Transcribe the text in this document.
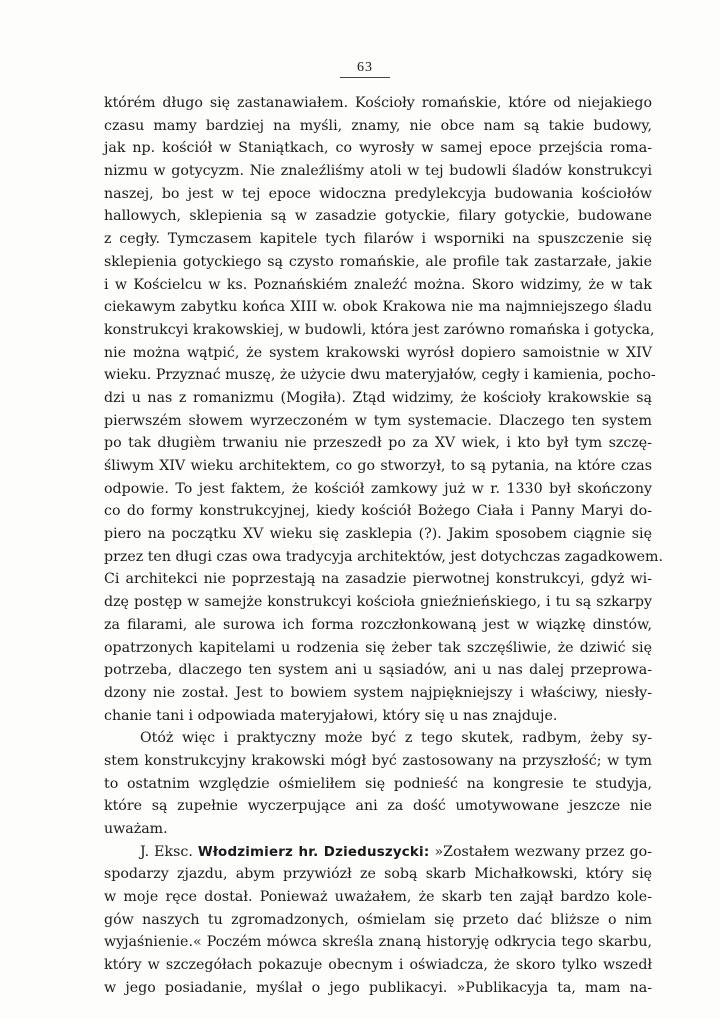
63
którém długo się zastanawiałem. Kościoły romańskie, które od niejakiego
czasu mamy bardziej na myśli, znamy, nie obce nam są takie budowy,
jak np. kościół w Staniątkach, co wyrosły w samej epoce przejścia roma-
nizmu w gotycyzm. Nie znaleźliśmy atoli w tej budowli śladów konstrukcyi
naszej, bo jest w tej epoce widoczna predylekcyja budowania kościołów
hallowych, sklepienia są w zasadzie gotyckie, filary gotyckie, budowane
z cegły. Tymczasem kapitele tych filarów i wsporniki na spuszczenie się
sklepienia gotyckiego są czysto romańskie, ale profile tak zastarzałe, jakie
i w Kościelcu w ks. Poznańskiém znaleźć można. Skoro widzimy, że w tak
ciekawym zabytku końca XIII w. obok Krakowa nie ma najmniejszego śladu
konstrukcyi krakowskiej, w budowli, która jest zarówno romańska i gotycka,
nie można wątpić, że system krakowski wyrósł dopiero samoistnie w XIV
wieku. Przyznać muszę, że użycie dwu materyjałów, cegły i kamienia, pocho-
dzi u nas z romanizmu (Mogiła). Ztąd widzimy, że kościoły krakowskie są
pierwszém słowem wyrzeczoném w tym systemacie. Dlaczego ten system
po tak długièm trwaniu nie przeszedł po za XV wiek, i kto był tym szczę-
śliwym XIV wieku architektem, co go stworzył, to są pytania, na które czas
odpowie. To jest faktem, że kościół zamkowy już w r. 1330 był skończony
co do formy konstrukcyjnej, kiedy kościół Bożego Ciała i Panny Maryi do-
piero na początku XV wieku się zasklepia (?). Jakim sposobem ciągnie się
przez ten długi czas owa tradycyja architektów, jest dotychczas zagadkowem.
Ci architekci nie poprzestają na zasadzie pierwotnej konstrukcyi, gdyż wi-
dzę postęp w samejże konstrukcyi kościoła gnieźnieńskiego, i tu są szkarpy
za filarami, ale surowa ich forma rozczłonkowaną jest w wiązkę dinstów,
opatrzonych kapitelami u rodzenia się żeber tak szczęśliwie, że dziwić się
potrzeba, dlaczego ten system ani u sąsiadów, ani u nas dalej przeprowa-
dzony nie został. Jest to bowiem system najpiękniejszy i właściwy, niesły-
chanie tani i odpowiada materyjałowi, który się u nas znajduje.
Otóż więc i praktyczny może być z tego skutek, radbym, żeby sy-
stem konstrukcyjny krakowski mógł być zastosowany na przyszłość; w tym
to ostatnim względzie ośmieliłem się podnieść na kongresie te studyja,
które są zupełnie wyczerpujące ani za dość umotywowane jeszcze nie
uważam.
J. Eksc. Włodzimierz hr. Dzieduszycki: »Zostałem wezwany przez go-
spodarzy zjazdu, abym przywiózł ze sobą skarb Michałkowski, który się
w moje ręce dostał. Ponieważ uważałem, że skarb ten zajął bardzo kole-
gów naszych tu zgromadzonych, ośmielam się przeto dać bliższe o nim
wyjaśnienie.« Poczém mówca skreśla znaną historyję odkrycia tego skarbu,
który w szczegółach pokazuje obecnym i oświadcza, że skoro tylko wszedł
w jego posiadanie, myślał o jego publikacyi. »Publikacyja ta, mam na-
